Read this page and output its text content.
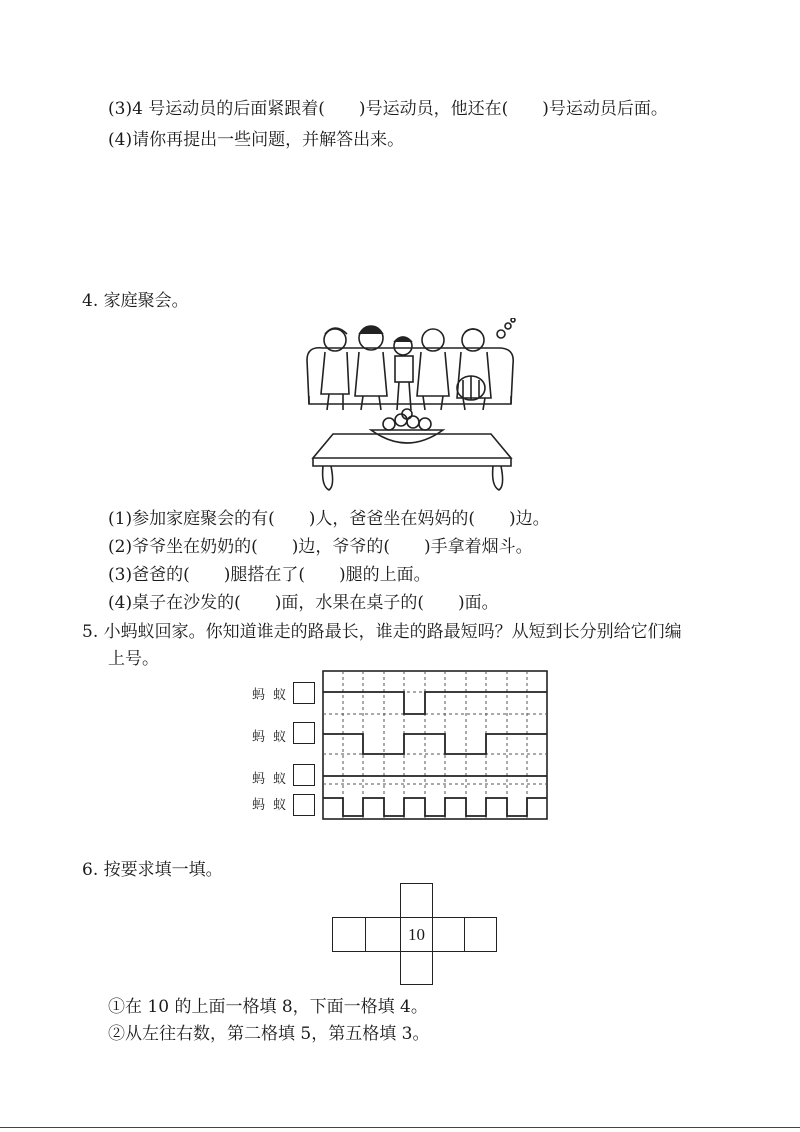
(3)4 号运动员的后面紧跟着(　　)号运动员，他还在(　　)号运动员后面。
(4)请你再提出一些问题，并解答出来。
4. 家庭聚会。
(1)参加家庭聚会的有(　　)人，爸爸坐在妈妈的(　　)边。
(2)爷爷坐在奶奶的(　　)边，爷爷的(　　)手拿着烟斗。
(3)爸爸的(　　)腿搭在了(　　)腿的上面。
(4)桌子在沙发的(　　)面，水果在桌子的(　　)面。
5. 小蚂蚁回家。你知道谁走的路最长，谁走的路最短吗？从短到长分别给它们编
上号。
蚂 蚁
蚂 蚁
蚂 蚁
蚂 蚁
6. 按要求填一填。
10
①在 10 的上面一格填 8，下面一格填 4。
②从左往右数，第二格填 5，第五格填 3。
